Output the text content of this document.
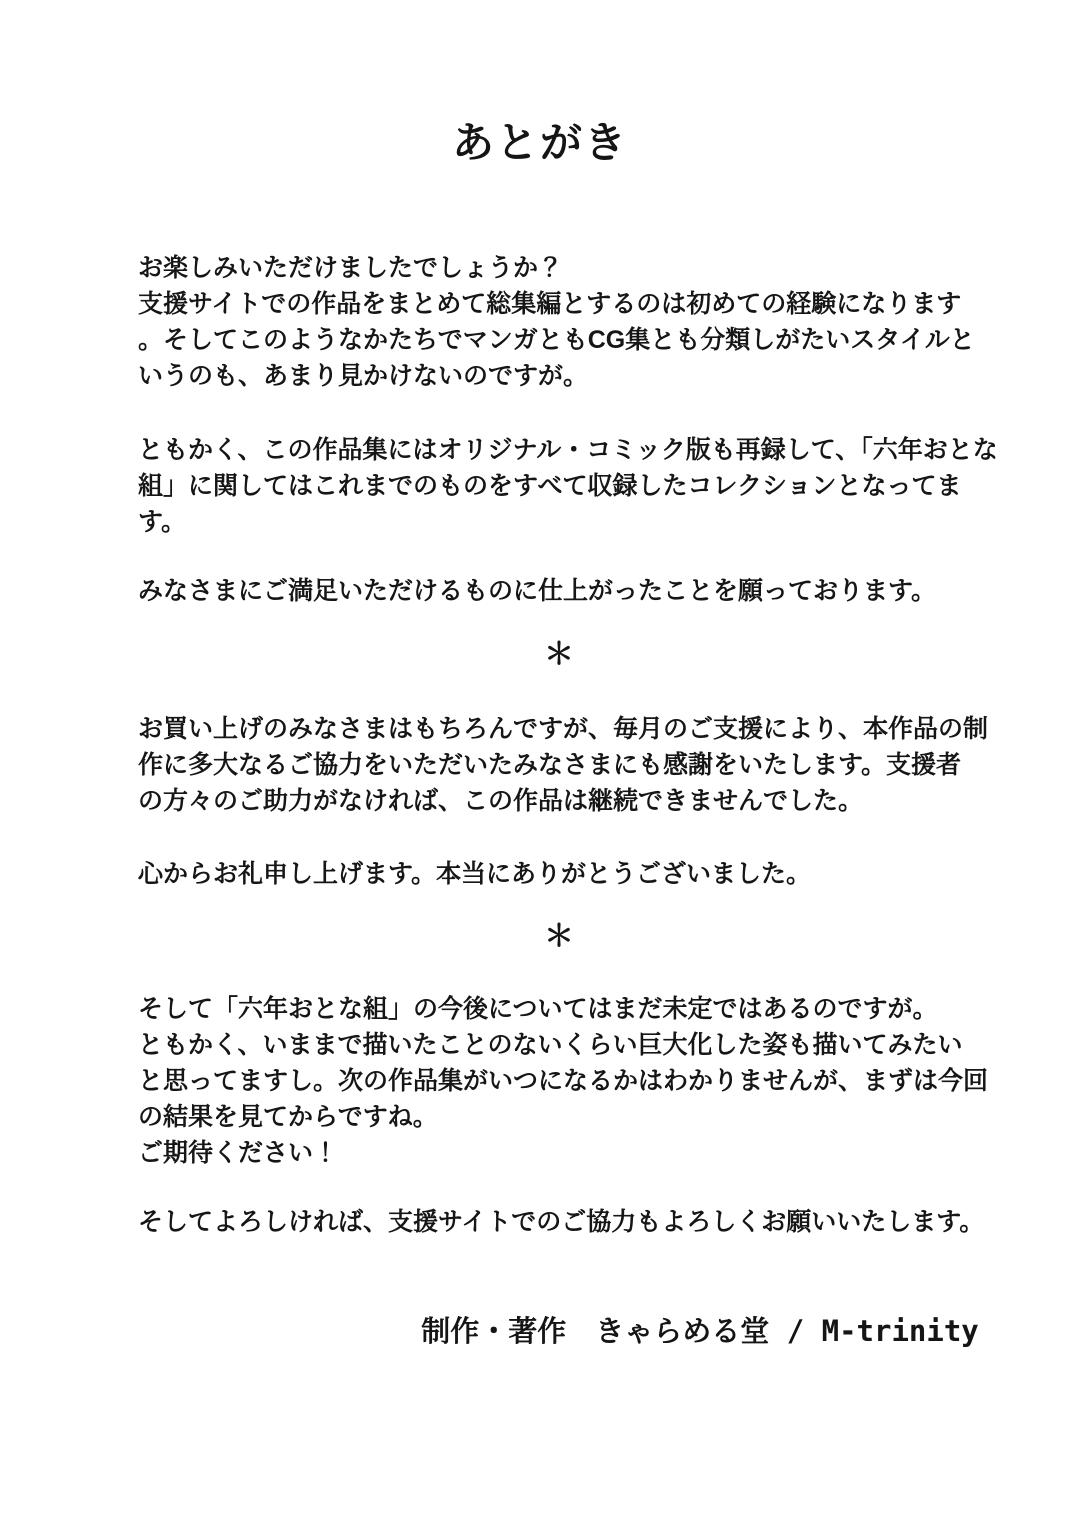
あとがき

お楽しみいただけましたでしょうか？
支援サイトでの作品をまとめて総集編とするのは初めての経験になります
。そしてこのようなかたちでマンガともCG集とも分類しがたいスタイルと
いうのも、あまり見かけないのですが。

ともかく、この作品集にはオリジナル・コミック版も再録して、「六年おとな
組」に関してはこれまでのものをすべて収録したコレクションとなってま
す。

みなさまにご満足いただけるものに仕上がったことを願っております。

＊

お買い上げのみなさまはもちろんですが、毎月のご支援により、本作品の制
作に多大なるご協力をいただいたみなさまにも感謝をいたします。支援者
の方々のご助力がなければ、この作品は継続できませんでした。

心からお礼申し上げます。本当にありがとうございました。

＊

そして「六年おとな組」の今後についてはまだ未定ではあるのですが。
ともかく、いままで描いたことのないくらい巨大化した姿も描いてみたい
と思ってますし。次の作品集がいつになるかはわかりませんが、まずは今回
の結果を見てからですね。
ご期待ください！

そしてよろしければ、支援サイトでのご協力もよろしくお願いいたします。

制作・著作　きゃらめる堂 / M-trinity
